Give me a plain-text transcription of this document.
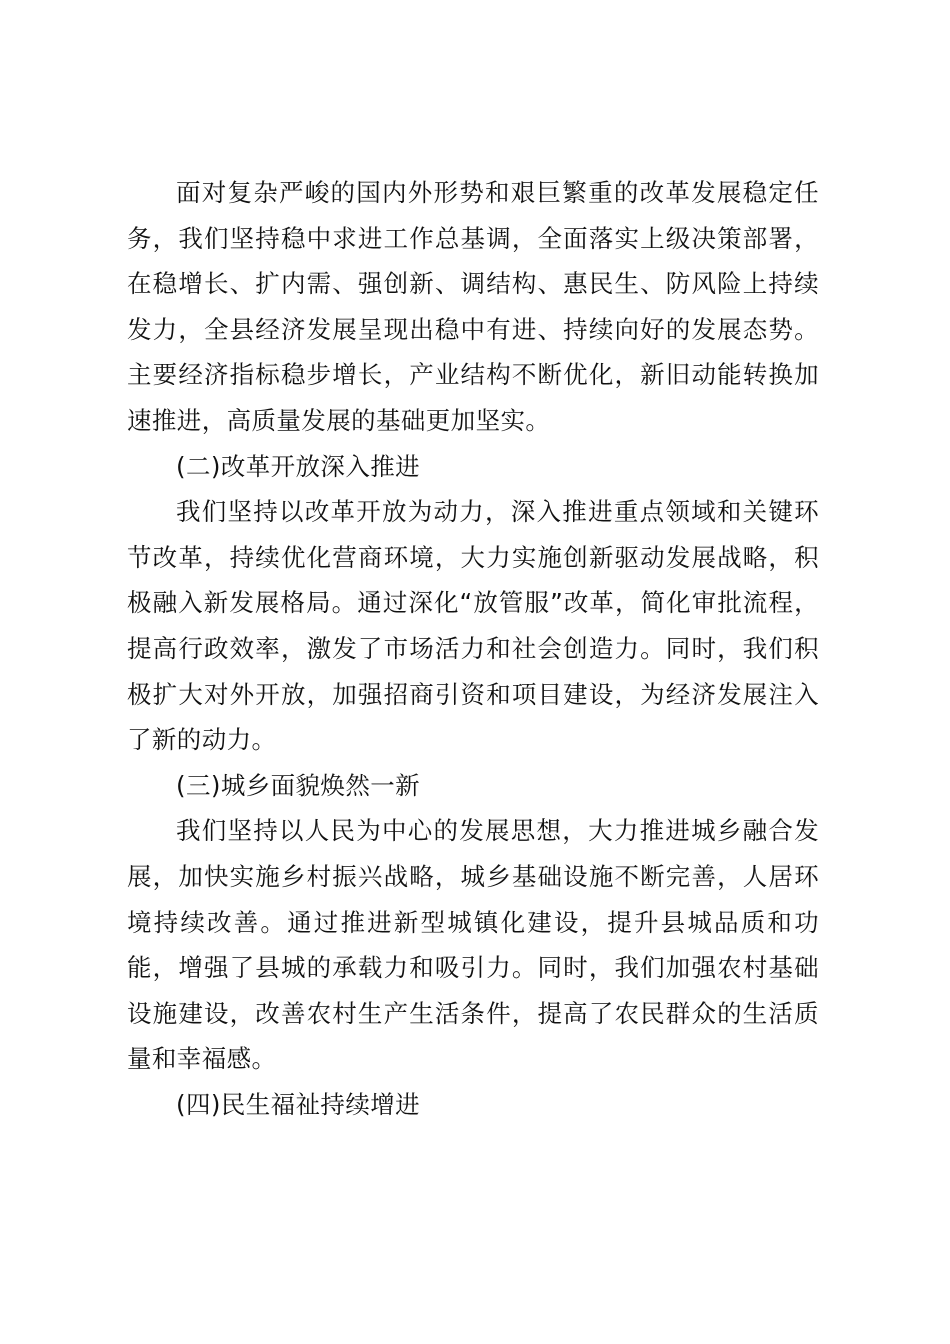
面对复杂严峻的国内外形势和艰巨繁重的改革发展稳定任务，我们坚持稳中求进工作总基调，全面落实上级决策部署，在稳增长、扩内需、强创新、调结构、惠民生、防风险上持续发力，全县经济发展呈现出稳中有进、持续向好的发展态势。主要经济指标稳步增长，产业结构不断优化，新旧动能转换加速推进，高质量发展的基础更加坚实。

(二)改革开放深入推进

我们坚持以改革开放为动力，深入推进重点领域和关键环节改革，持续优化营商环境，大力实施创新驱动发展战略，积极融入新发展格局。通过深化“放管服”改革，简化审批流程，提高行政效率，激发了市场活力和社会创造力。同时，我们积极扩大对外开放，加强招商引资和项目建设，为经济发展注入了新的动力。

(三)城乡面貌焕然一新

我们坚持以人民为中心的发展思想，大力推进城乡融合发展，加快实施乡村振兴战略，城乡基础设施不断完善，人居环境持续改善。通过推进新型城镇化建设，提升县城品质和功能，增强了县城的承载力和吸引力。同时，我们加强农村基础设施建设，改善农村生产生活条件，提高了农民群众的生活质量和幸福感。

(四)民生福祉持续增进
